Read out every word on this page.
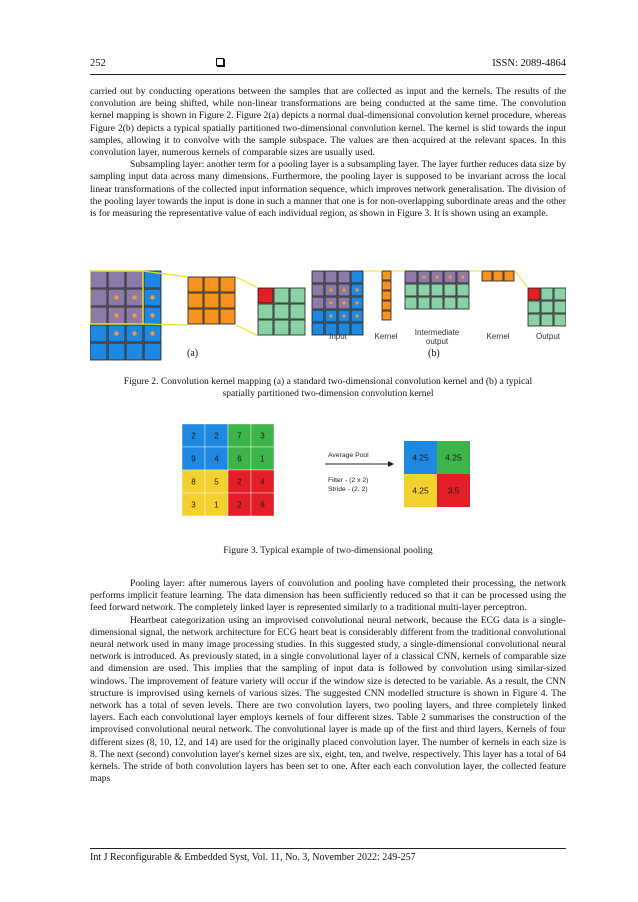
252	ISSN: 2089-4864

carried out by conducting operations between the samples that are collected as input and the kernels. The results of the convolution are being shifted, while non-linear transformations are being conducted at the same time. The convolution kernel mapping is shown in Figure 2. Figure 2(a) depicts a normal dual-dimensional convolution kernel procedure, whereas Figure 2(b) depicts a typical spatially partitioned two-dimensional convolution kernel. The kernel is slid towards the input samples, allowing it to convolve with the sample subspace. The values are then acquired at the relevant spaces. In this convolution layer, numerous kernels of comparable sizes are usually used.

Subsampling layer: another term for a pooling layer is a subsampling layer. The layer further reduces data size by sampling input data across many dimensions. Furthermore, the pooling layer is supposed to be invariant across the local linear transformations of the collected input information sequence, which improves network generalisation. The division of the pooling layer towards the input is done in such a manner that one is for non-overlapping subordinate areas and the other is for measuring the representative value of each individual region, as shown in Figure 3. It is shown using an example.

Input	Kernel Intermediate
output
Kernel	Output
(a)	(b)
Figure 2. Convolution kernel mapping (a) a standard two-dimensional convolution kernel and (b) a typical
spatially partitioned two-dimension convolution kernel
2 2 7 3
9 4 6 1
8 5 2 4
3 1 2 6
Average Pool
Filter - (2 x 2)
Stride - (2, 2)
4.25 4.25
4.25 3.5
Figure 3. Typical example of two-dimensional pooling

Pooling layer: after numerous layers of convolution and pooling have completed their processing, the network performs implicit feature learning. The data dimension has been sufficiently reduced so that it can be processed using the feed forward network. The completely linked layer is represented similarly to a traditional multi-layer perceptron.

Heartbeat categorization using an improvised convolutional neural network, because the ECG data is a single-dimensional signal, the network architecture for ECG heart beat is considerably different from the traditional convolutional neural network used in many image processing studies. In this suggested study, a single-dimensional convolutional neural network is introduced. As previously stated, in a single convolutional layer of a classical CNN, kernels of comparable size and dimension are used. This implies that the sampling of input data is followed by convolution using similar-sized windows. The improvement of feature variety will occur if the window size is detected to be variable. As a result, the CNN structure is improvised using kernels of various sizes. The suggested CNN modelled structure is shown in Figure 4. The network has a total of seven levels. There are two convolution layers, two pooling layers, and three completely linked layers. Each each convolutional layer employs kernels of four different sizes. Table 2 summarises the construction of the improvised convolutional neural network. The convolutional layer is made up of the first and third layers. Kernels of four different sizes (8, 10, 12, and 14) are used for the originally placed convolution layer. The number of kernels in each size is 8. The next (second) convolution layer's kernel sizes are six, eight, ten, and twelve, respectively. This layer has a total of 64 kernels. The stride of both convolution layers has been set to one. After each each convolution layer, the collected feature maps

Int J Reconfigurable & Embedded Syst, Vol. 11, No. 3, November 2022: 249-257
